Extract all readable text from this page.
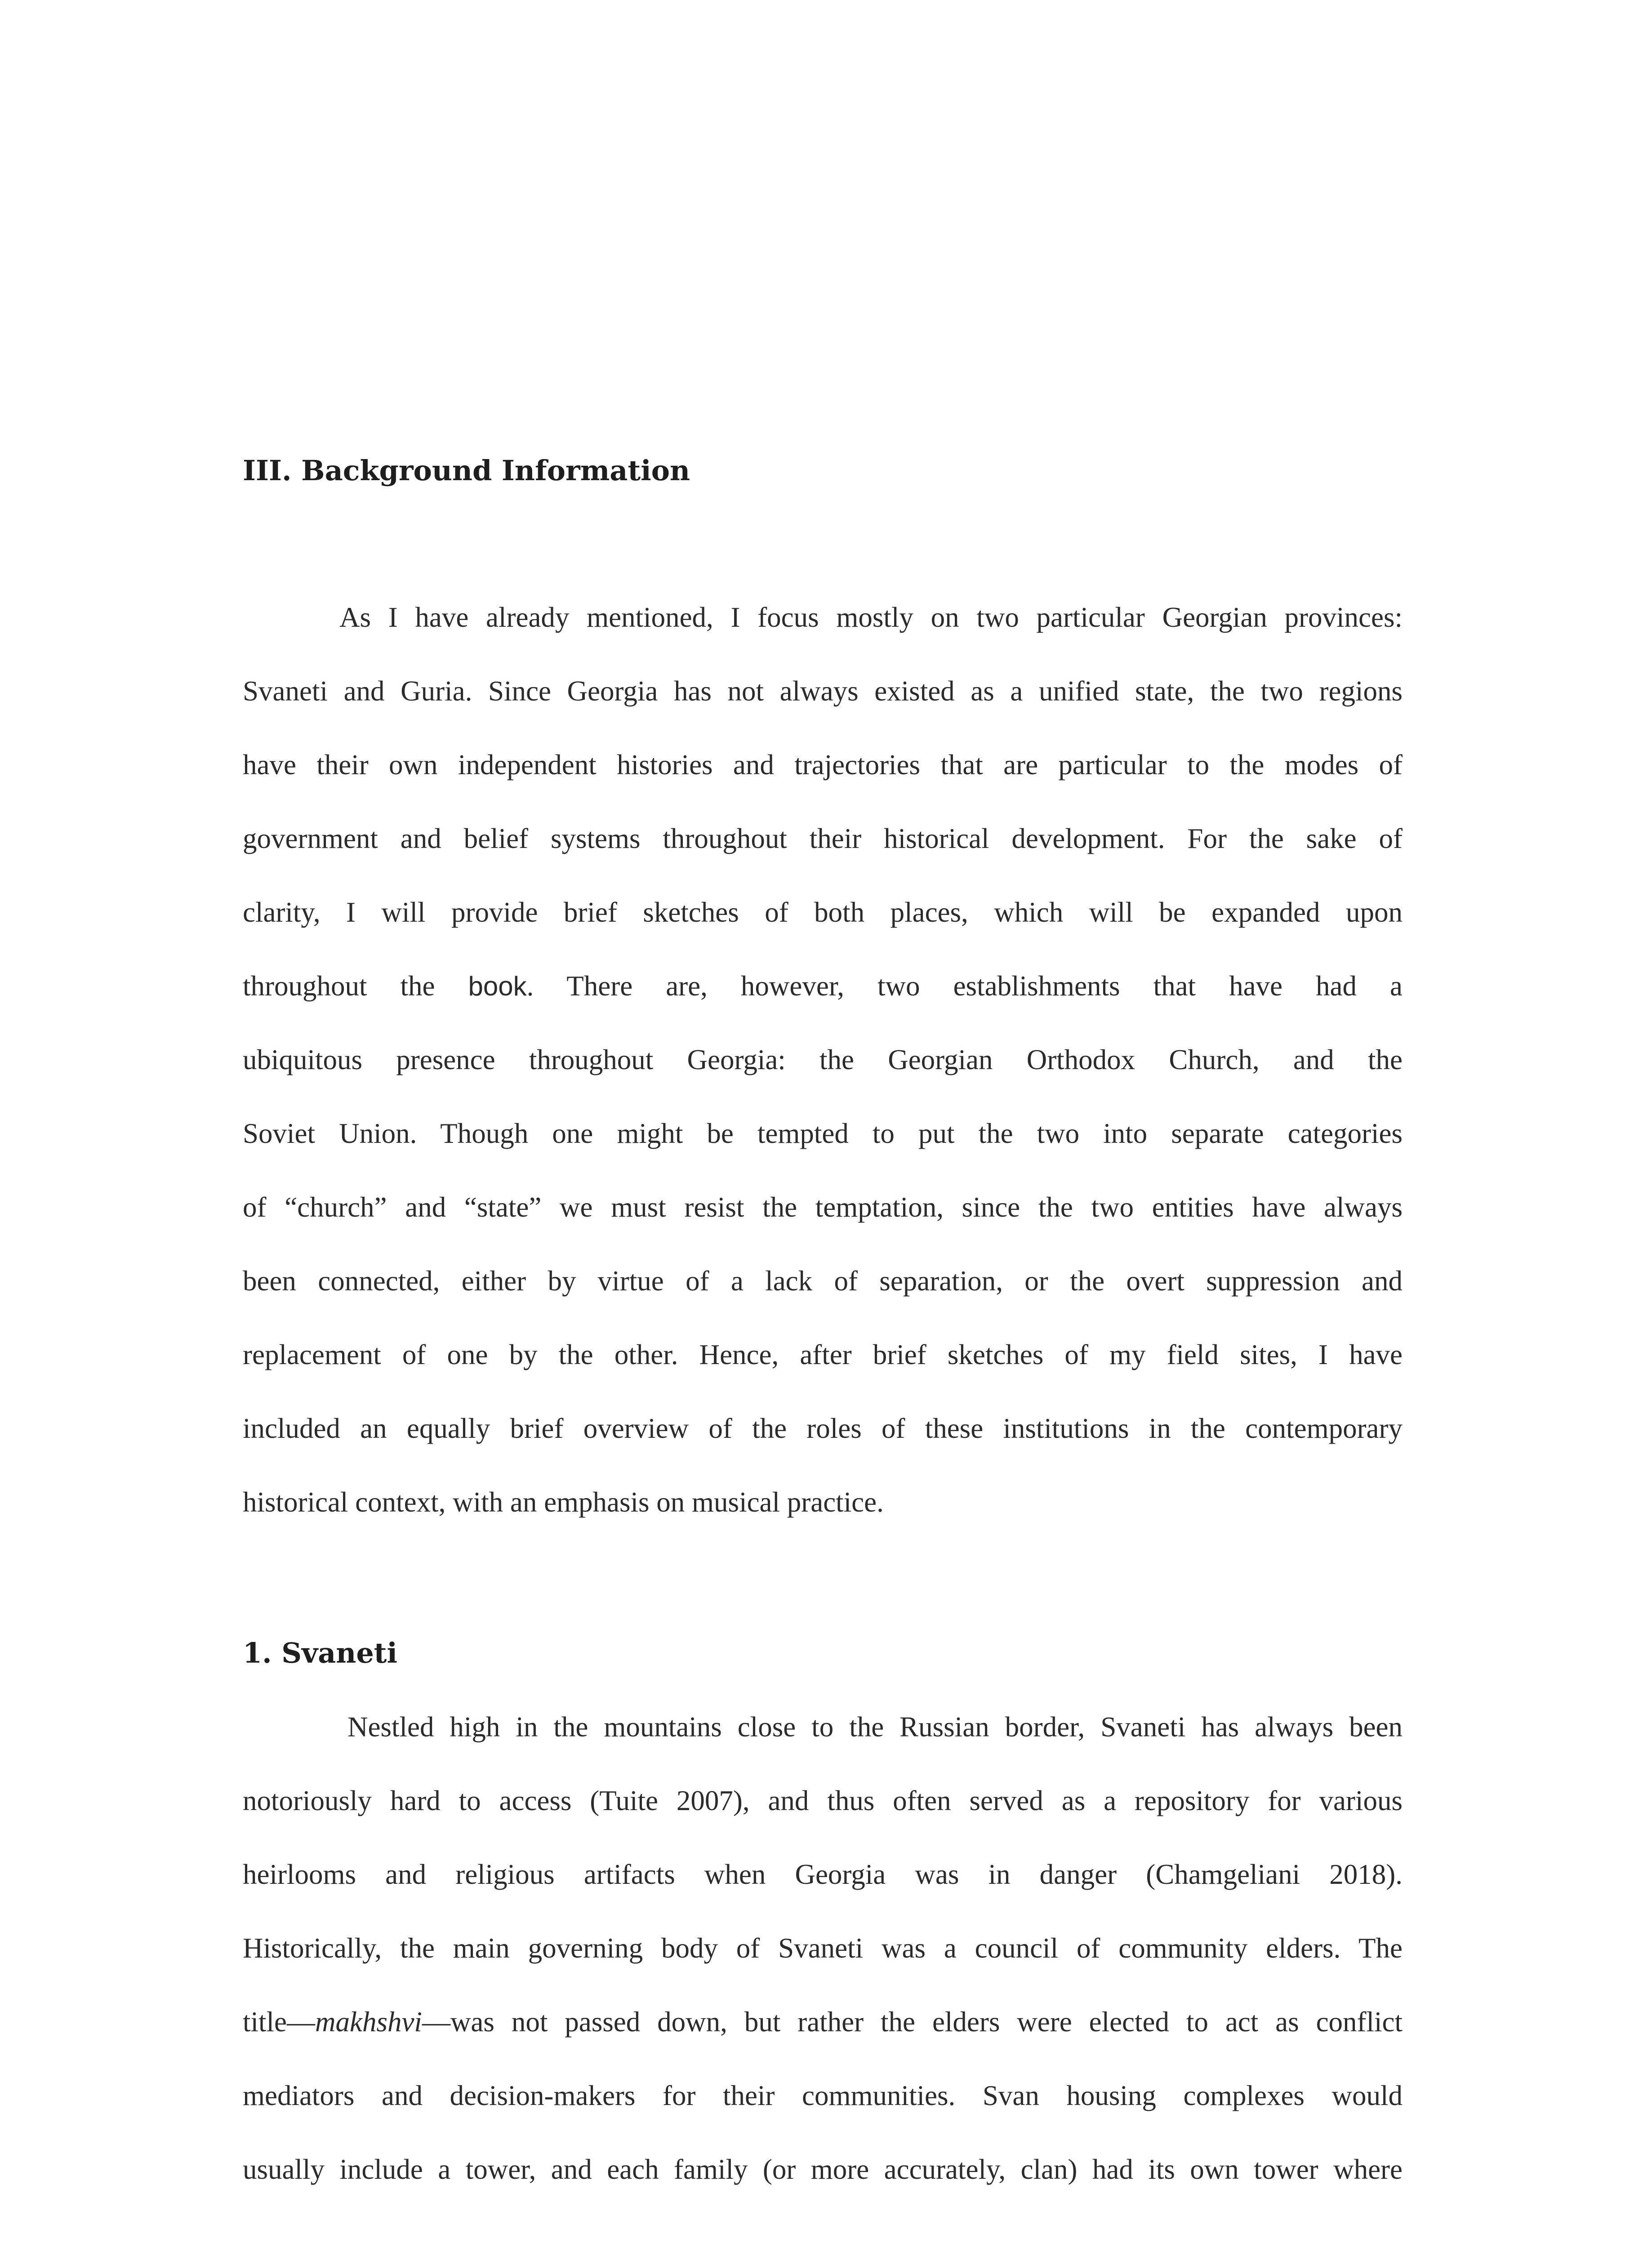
III. Background Information

As I have already mentioned, I focus mostly on two particular Georgian provinces:
Svaneti and Guria. Since Georgia has not always existed as a unified state, the two regions
have their own independent histories and trajectories that are particular to the modes of
government and belief systems throughout their historical development. For the sake of
clarity, I will provide brief sketches of both places, which will be expanded upon
throughout the book. There are, however, two establishments that have had a
ubiquitous presence throughout Georgia: the Georgian Orthodox Church, and the
Soviet Union. Though one might be tempted to put the two into separate categories
of “church” and “state” we must resist the temptation, since the two entities have always
been connected, either by virtue of a lack of separation, or the overt suppression and
replacement of one by the other. Hence, after brief sketches of my field sites, I have
included an equally brief overview of the roles of these institutions in the contemporary
historical context, with an emphasis on musical practice.

1. Svaneti

Nestled high in the mountains close to the Russian border, Svaneti has always been
notoriously hard to access (Tuite 2007), and thus often served as a repository for various
heirlooms and religious artifacts when Georgia was in danger (Chamgeliani 2018).
Historically, the main governing body of Svaneti was a council of community elders. The
title—makhshvi—was not passed down, but rather the elders were elected to act as conflict
mediators and decision-makers for their communities. Svan housing complexes would
usually include a tower, and each family (or more accurately, clan) had its own tower where
